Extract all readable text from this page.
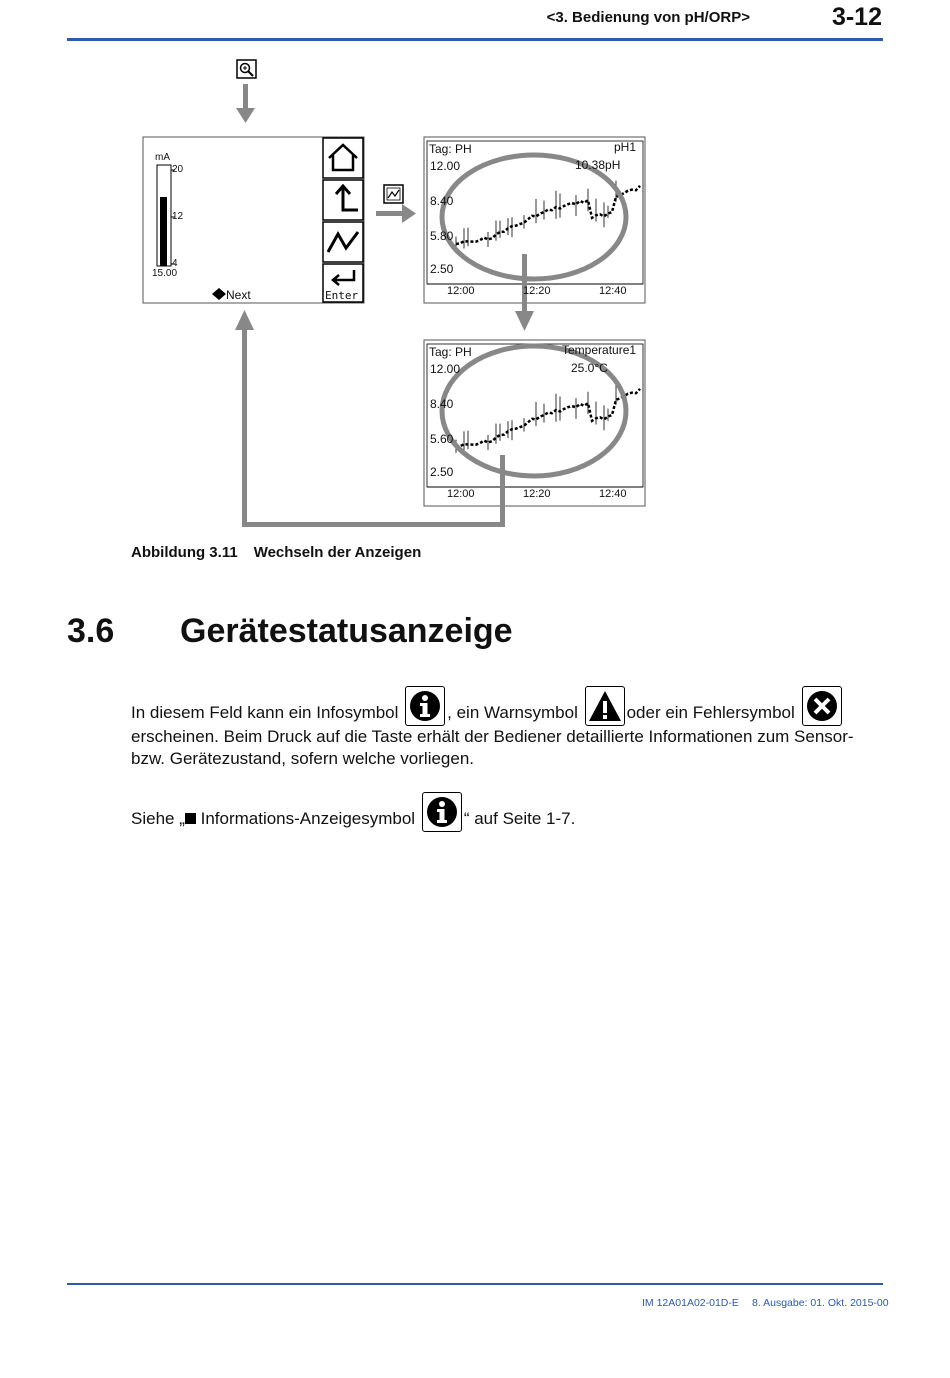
<3. Bedienung von pH/ORP>	3-12
mA
20
12
4
15.00
Next	Enter
Tag: PH	pH1
10.38pH
12.00
8.40
5.80
2.50
12:00	12:20	12:40
Tag: PH	Temperature1
25.0°C
12.00
8.40
5.60
2.50
12:00	12:20	12:40
Abbildung 3.11 Wechseln der Anzeigen
3.6 Gerätestatusanzeige
In diesem Feld kann ein Infosymbol	, ein Warnsymbol	oder ein Fehlersymbol
erscheinen. Beim Druck auf die Taste erhält der Bediener detaillierte Informationen zum Sensor- bzw. Gerätezustand, sofern welche vorliegen.
Siehe „ Informations-Anzeigesymbol	“ auf Seite 1-7.
IM 12A01A02-01D-E 8. Ausgabe: 01. Okt. 2015-00
